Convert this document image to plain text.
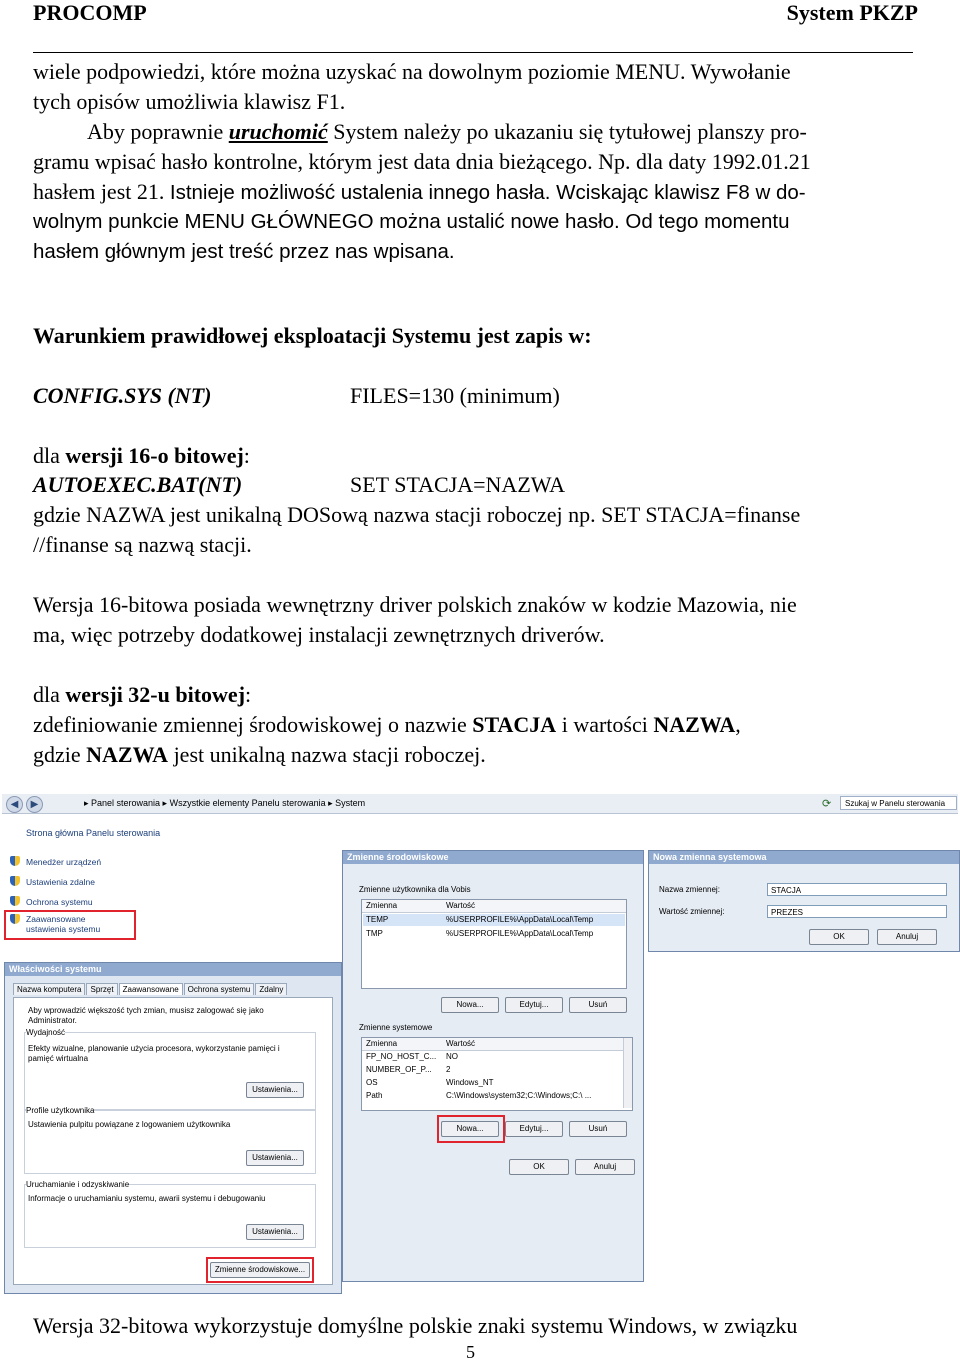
PROCOMP	System PKZP
wiele podpowiedzi, które można uzyskać na dowolnym poziomie MENU. Wywołanie
tych opisów umożliwia klawisz F1.
Aby poprawnie uruchomić System należy po ukazaniu się tytułowej planszy pro-
gramu wpisać hasło kontrolne, którym jest data dnia bieżącego. Np. dla daty 1992.01.21
hasłem jest 21. Istnieje możliwość ustalenia innego hasła. Wciskając klawisz F8 w do-
wolnym punkcie MENU GŁÓWNEGO można ustalić nowe hasło. Od tego momentu
hasłem głównym jest treść przez nas wpisana.
Warunkiem prawidłowej eksploatacji Systemu jest zapis w:
CONFIG.SYS (NT)	FILES=130 (minimum)
dla wersji 16-o bitowej:
AUTOEXEC.BAT(NT)	SET STACJA=NAZWA
gdzie NAZWA jest unikalną DOSową nazwa stacji roboczej np. SET STACJA=finanse
//finanse są nazwą stacji.
Wersja 16-bitowa posiada wewnętrzny driver polskich znaków w kodzie Mazowia, nie
ma, więc potrzeby dodatkowej instalacji zewnętrznych driverów.
dla wersji 32-u bitowej:
zdefiniowanie zmiennej środowiskowej o nazwie STACJA i wartości NAZWA,
gdzie NAZWA jest unikalną nazwa stacji roboczej.
◀	▶	▸ Panel sterowania ▸ Wszystkie elementy Panelu sterowania ▸ System	⟳	Szukaj w Panelu sterowania
Strona główna Panelu sterowania
Menedżer urządzeń
Ustawienia zdalne
Ochrona systemu
Zaawansowane ustawienia systemu
Właściwości systemu
Nazwa komputera Sprzęt Zaawansowane Ochrona systemu Zdalny
Aby wprowadzić większość tych zmian, musisz zalogować się jako Administrator.
Wydajność
Efekty wizualne, planowanie użycia procesora, wykorzystanie pamięci i pamięć wirtualna
Ustawienia...
Profile użytkownika
Ustawienia pulpitu powiązane z logowaniem użytkownika
Ustawienia...
Uruchamianie i odzyskiwanie
Informacje o uruchamianiu systemu, awarii systemu i debugowaniu
Ustawienia...
Zmienne środowiskowe...
Zmienne środowiskowe
Zmienne użytkownika dla Vobis
Zmienna	Wartość
TEMP	%USERPROFILE%\AppData\Local\Temp
TMP	%USERPROFILE%\AppData\Local\Temp
Nowa...	Edytuj...	Usuń
Zmienne systemowe
Zmienna	Wartość
FP_NO_HOST_C... NO
NUMBER_OF_P... 2
OS	Windows_NT
Path	C:\Windows\system32;C:\Windows;C:\ ...
Nowa...	Edytuj...	Usuń
OK	Anuluj
Nowa zmienna systemowa
Nazwa zmiennej:	STACJA
Wartość zmiennej:	PREZES
OK	Anuluj
Wersja 32-bitowa wykorzystuje domyślne polskie znaki systemu Windows, w związku
5
